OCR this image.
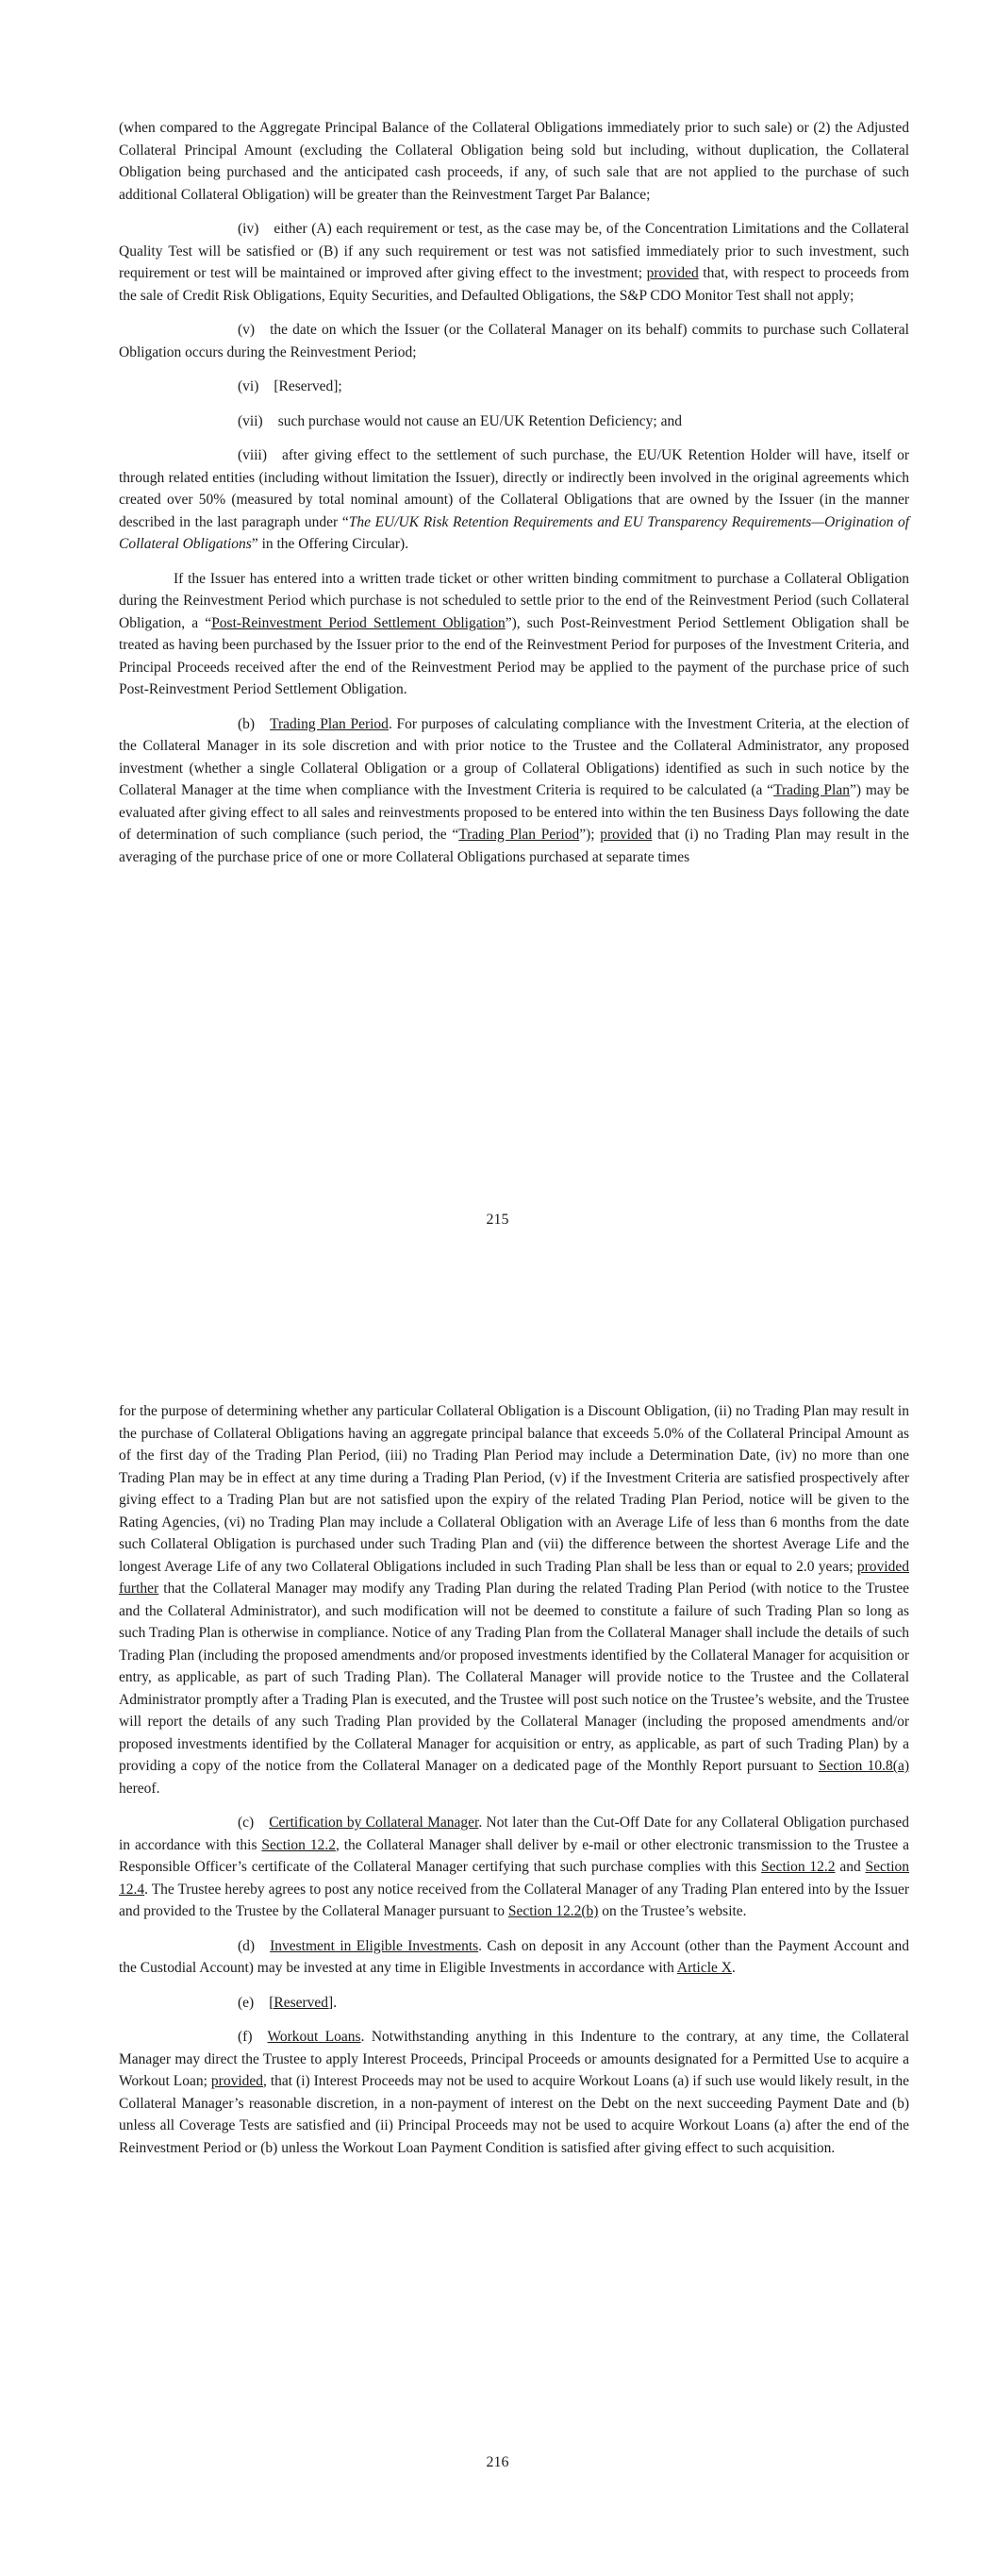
(when compared to the Aggregate Principal Balance of the Collateral Obligations immediately prior to such sale) or (2) the Adjusted Collateral Principal Amount (excluding the Collateral Obligation being sold but including, without duplication, the Collateral Obligation being purchased and the anticipated cash proceeds, if any, of such sale that are not applied to the purchase of such additional Collateral Obligation) will be greater than the Reinvestment Target Par Balance;

(iv) either (A) each requirement or test, as the case may be, of the Concentration Limitations and the Collateral Quality Test will be satisfied or (B) if any such requirement or test was not satisfied immediately prior to such investment, such requirement or test will be maintained or improved after giving effect to the investment; provided that, with respect to proceeds from the sale of Credit Risk Obligations, Equity Securities, and Defaulted Obligations, the S&P CDO Monitor Test shall not apply;

(v) the date on which the Issuer (or the Collateral Manager on its behalf) commits to purchase such Collateral Obligation occurs during the Reinvestment Period;

(vi) [Reserved];

(vii) such purchase would not cause an EU/UK Retention Deficiency; and

(viii) after giving effect to the settlement of such purchase, the EU/UK Retention Holder will have, itself or through related entities (including without limitation the Issuer), directly or indirectly been involved in the original agreements which created over 50% (measured by total nominal amount) of the Collateral Obligations that are owned by the Issuer (in the manner described in the last paragraph under “The EU/UK Risk Retention Requirements and EU Transparency Requirements—Origination of Collateral Obligations” in the Offering Circular).

If the Issuer has entered into a written trade ticket or other written binding commitment to purchase a Collateral Obligation during the Reinvestment Period which purchase is not scheduled to settle prior to the end of the Reinvestment Period (such Collateral Obligation, a “Post-Reinvestment Period Settlement Obligation”), such Post-Reinvestment Period Settlement Obligation shall be treated as having been purchased by the Issuer prior to the end of the Reinvestment Period for purposes of the Investment Criteria, and Principal Proceeds received after the end of the Reinvestment Period may be applied to the payment of the purchase price of such Post-Reinvestment Period Settlement Obligation.

(b) Trading Plan Period. For purposes of calculating compliance with the Investment Criteria, at the election of the Collateral Manager in its sole discretion and with prior notice to the Trustee and the Collateral Administrator, any proposed investment (whether a single Collateral Obligation or a group of Collateral Obligations) identified as such in such notice by the Collateral Manager at the time when compliance with the Investment Criteria is required to be calculated (a “Trading Plan”) may be evaluated after giving effect to all sales and reinvestments proposed to be entered into within the ten Business Days following the date of determination of such compliance (such period, the “Trading Plan Period”); provided that (i) no Trading Plan may result in the averaging of the purchase price of one or more Collateral Obligations purchased at separate times

215

for the purpose of determining whether any particular Collateral Obligation is a Discount Obligation, (ii) no Trading Plan may result in the purchase of Collateral Obligations having an aggregate principal balance that exceeds 5.0% of the Collateral Principal Amount as of the first day of the Trading Plan Period, (iii) no Trading Plan Period may include a Determination Date, (iv) no more than one Trading Plan may be in effect at any time during a Trading Plan Period, (v) if the Investment Criteria are satisfied prospectively after giving effect to a Trading Plan but are not satisfied upon the expiry of the related Trading Plan Period, notice will be given to the Rating Agencies, (vi) no Trading Plan may include a Collateral Obligation with an Average Life of less than 6 months from the date such Collateral Obligation is purchased under such Trading Plan and (vii) the difference between the shortest Average Life and the longest Average Life of any two Collateral Obligations included in such Trading Plan shall be less than or equal to 2.0 years; provided further that the Collateral Manager may modify any Trading Plan during the related Trading Plan Period (with notice to the Trustee and the Collateral Administrator), and such modification will not be deemed to constitute a failure of such Trading Plan so long as such Trading Plan is otherwise in compliance. Notice of any Trading Plan from the Collateral Manager shall include the details of such Trading Plan (including the proposed amendments and/or proposed investments identified by the Collateral Manager for acquisition or entry, as applicable, as part of such Trading Plan). The Collateral Manager will provide notice to the Trustee and the Collateral Administrator promptly after a Trading Plan is executed, and the Trustee will post such notice on the Trustee’s website, and the Trustee will report the details of any such Trading Plan provided by the Collateral Manager (including the proposed amendments and/or proposed investments identified by the Collateral Manager for acquisition or entry, as applicable, as part of such Trading Plan) by a providing a copy of the notice from the Collateral Manager on a dedicated page of the Monthly Report pursuant to Section 10.8(a) hereof.

(c) Certification by Collateral Manager. Not later than the Cut-Off Date for any Collateral Obligation purchased in accordance with this Section 12.2, the Collateral Manager shall deliver by e-mail or other electronic transmission to the Trustee a Responsible Officer’s certificate of the Collateral Manager certifying that such purchase complies with this Section 12.2 and Section 12.4. The Trustee hereby agrees to post any notice received from the Collateral Manager of any Trading Plan entered into by the Issuer and provided to the Trustee by the Collateral Manager pursuant to Section 12.2(b) on the Trustee’s website.

(d) Investment in Eligible Investments. Cash on deposit in any Account (other than the Payment Account and the Custodial Account) may be invested at any time in Eligible Investments in accordance with Article X.

(e) [Reserved].

(f) Workout Loans. Notwithstanding anything in this Indenture to the contrary, at any time, the Collateral Manager may direct the Trustee to apply Interest Proceeds, Principal Proceeds or amounts designated for a Permitted Use to acquire a Workout Loan; provided, that (i) Interest Proceeds may not be used to acquire Workout Loans (a) if such use would likely result, in the Collateral Manager’s reasonable discretion, in a non-payment of interest on the Debt on the next succeeding Payment Date and (b) unless all Coverage Tests are satisfied and (ii) Principal Proceeds may not be used to acquire Workout Loans (a) after the end of the Reinvestment Period or (b) unless the Workout Loan Payment Condition is satisfied after giving effect to such acquisition.

216
